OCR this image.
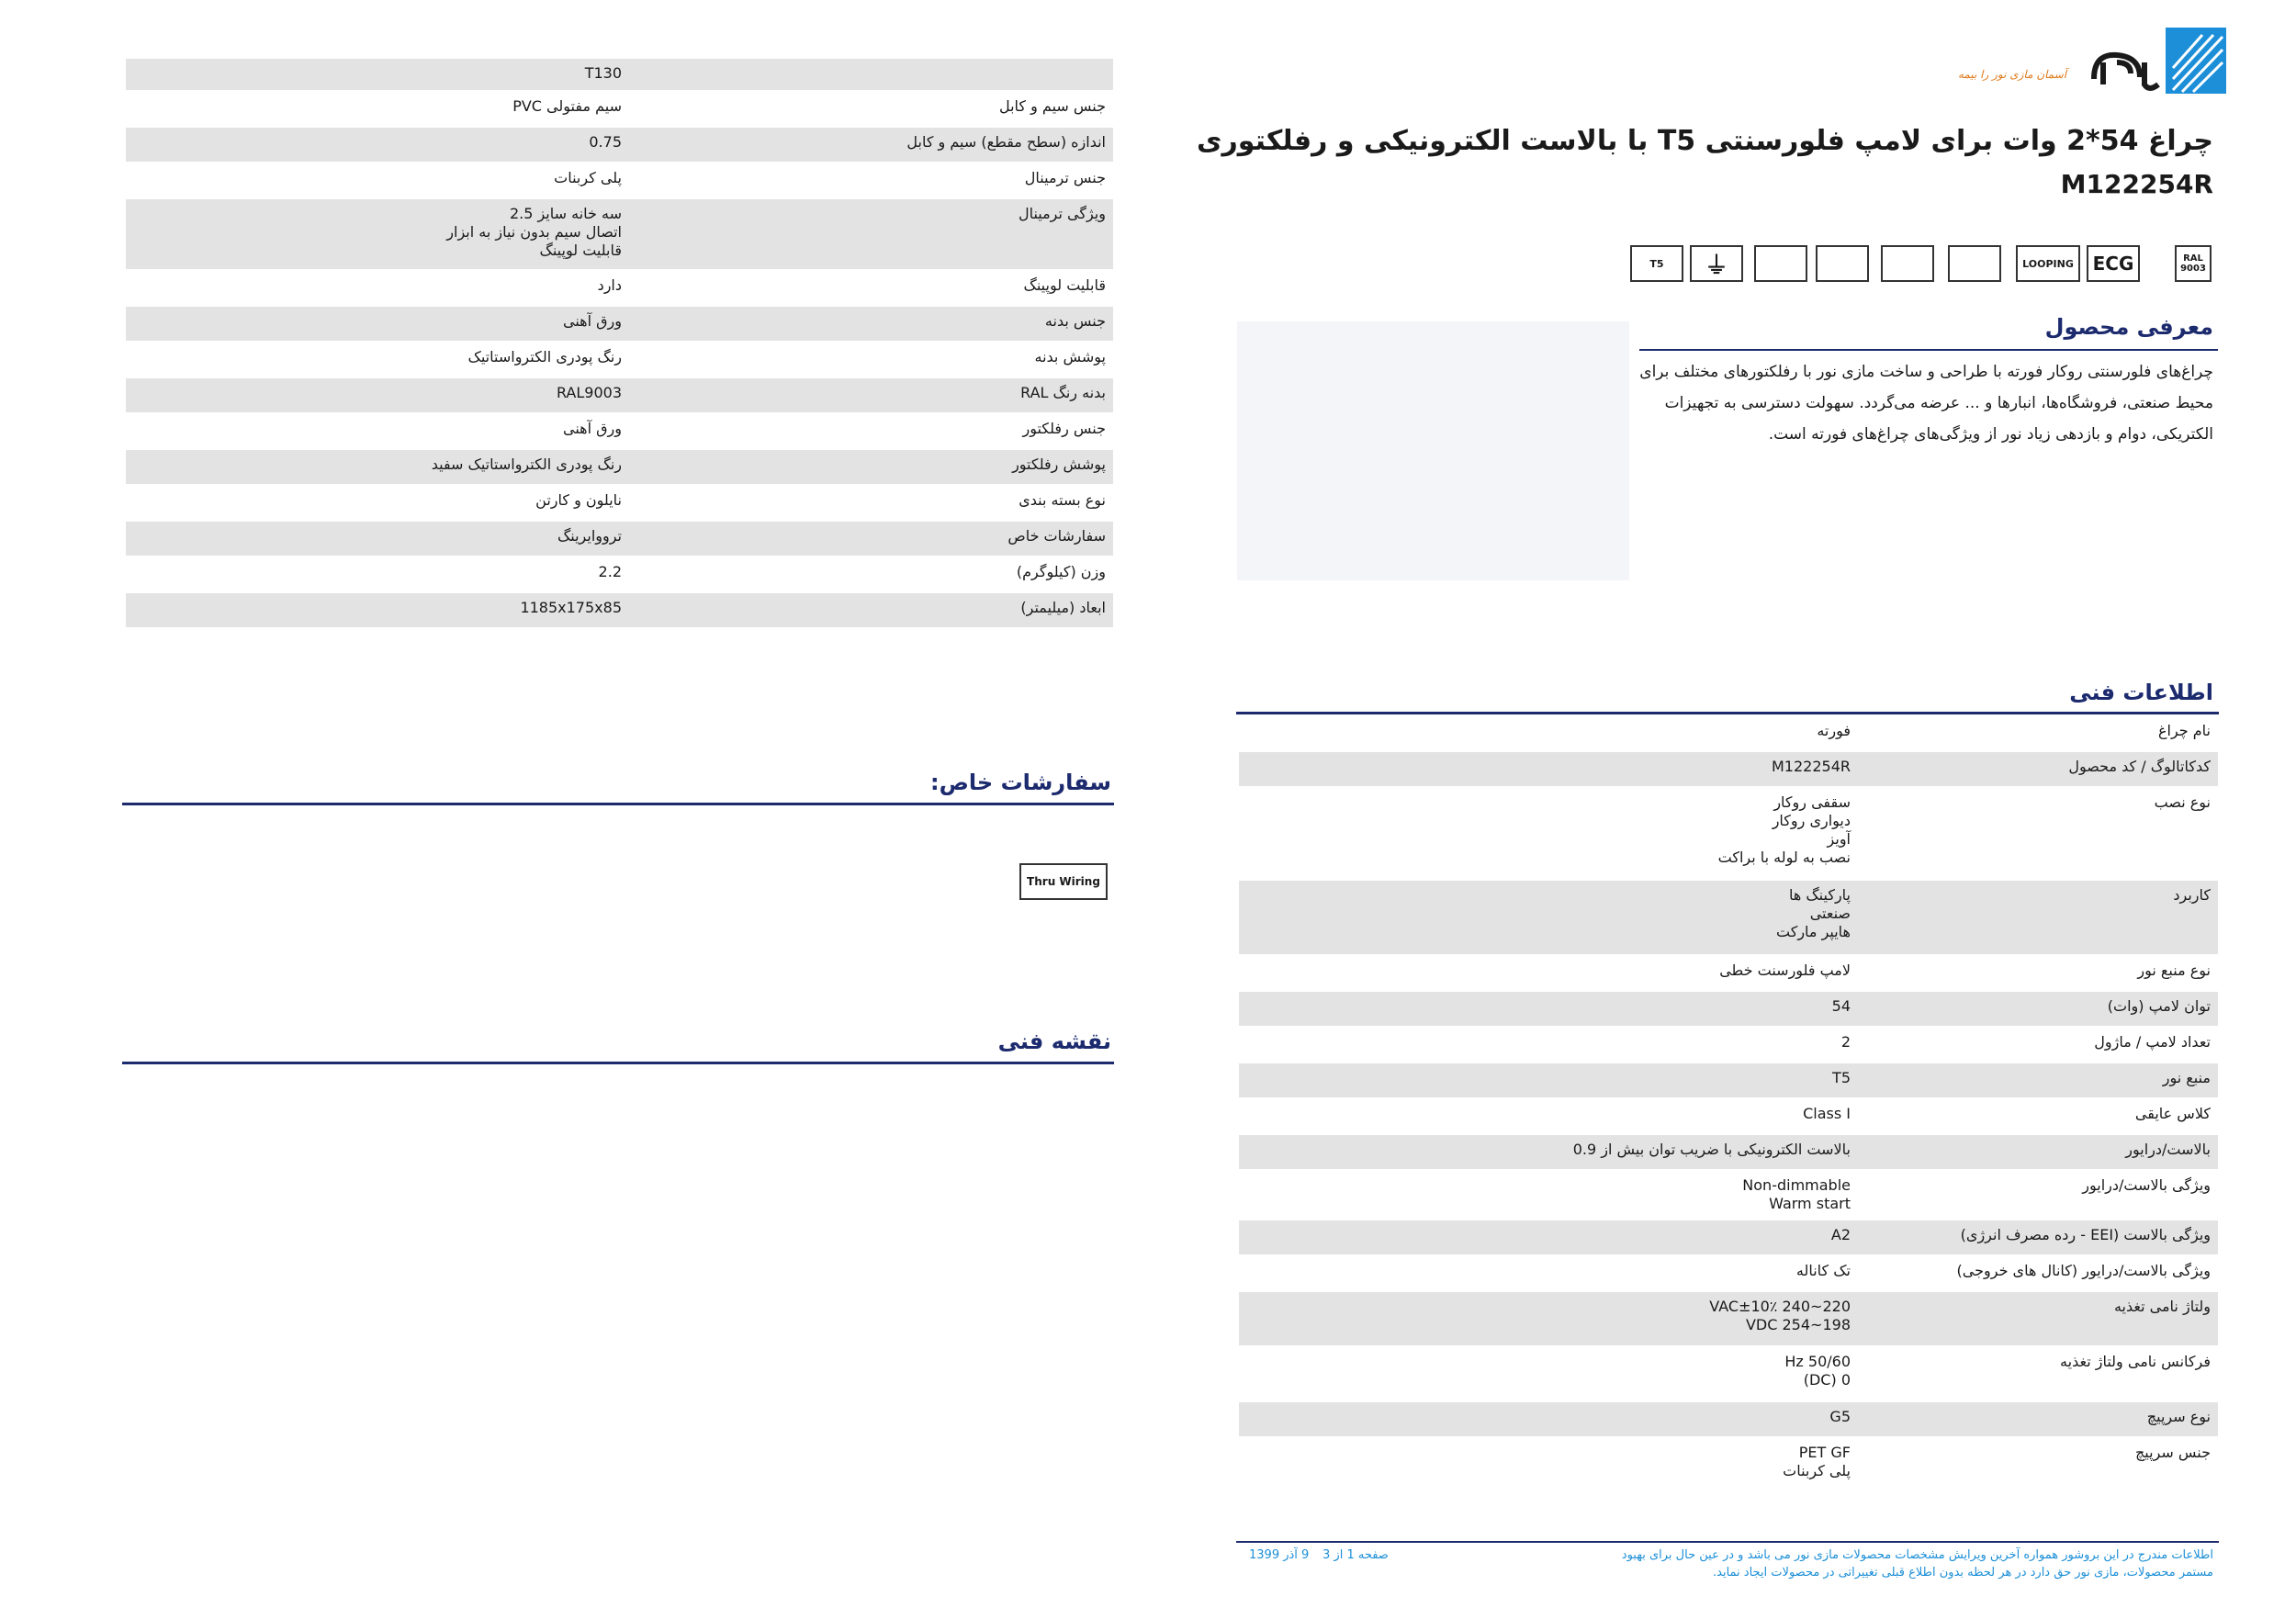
T130
جنس سیم و کابل
سیم مفتولی PVC
اندازه (سطح مقطع) سیم و کابل
0.75
جنس ترمینال
پلی کربنات
ویژگی ترمینال
سه خانه سایز 2.5
اتصال سیم بدون نیاز به ابزار
قابلیت لوپینگ
قابلیت لوپینگ
دارد
جنس بدنه
ورق آهنی
پوشش بدنه
رنگ پودری الکترواستاتیک
بدنه رنگ RAL
RAL9003
جنس رفلکتور
ورق آهنی
پوشش رفلکتور
رنگ پودری الکترواستاتیک سفید
نوع بسته بندی
نایلون و کارتن
سفارشات خاص
ترووایرینگ
وزن (کیلوگرم)
2.2
ابعاد (میلیمتر)
1185x175x85
سفارشات خاص:
Thru Wiring
نقشه فنی
آسمان مازی نور را بیمه
چراغ 54*2 وات برای لامپ فلورسنتی T5 با بالاست الکترونیکی و رفلکتوری
M122254R
T5 ⏚	LOOPING ECG	RAL 9003
معرفی محصول
چراغ‌های فلورسنتی روکار فورته با طراحی و ساخت مازی نور با رفلکتورهای مختلف برای محیط صنعتی، فروشگاه‌ها، انبارها و ... عرضه می‌گردد. سهولت دسترسی به تجهیزات الکتریکی، دوام و بازدهی زیاد نور از ویژگی‌های چراغ‌های فورته است.
اطلاعات فنی
نام چراغ
فورته
کدکاتالوگ / کد محصول
M122254R
نوع نصب
سقفی روکار
دیواری روکار
آویز
نصب به لوله با براکت
کاربرد
پارکینگ ها
صنعتی
هایپر مارکت
نوع منبع نور
لامپ فلورسنت خطی
توان لامپ (وات)
54
تعداد لامپ / ماژول
2
منبع نور
T5
کلاس عایقی
Class I
بالاست/درایور
بالاست الکترونیکی با ضریب توان بیش از 0.9
ویژگی بالاست/درایور
Non-dimmable
Warm start
ویژگی بالاست (EEI - رده مصرف انرژی)
A2
ویژگی بالاست/درایور (کانال های خروجی)
تک کاناله
ولتاژ نامی تغذیه
220~240 VAC±10٪
198~254 VDC
فرکانس نامی ولتاژ تغذیه
50/60 Hz
0 (DC)
نوع سرپیچ
G5
جنس سرپیچ
PET GF
پلی کربنات
اطلاعات مندرج در این بروشور همواره آخرین ویرایش مشخصات محصولات مازی نور می باشد و در عین حال برای بهبود مستمر محصولات، مازی نور حق دارد در هر لحظه بدون اطلاع قبلی تغییراتی در محصولات ایجاد نماید.
صفحه 1 از 3
9 آذر 1399
